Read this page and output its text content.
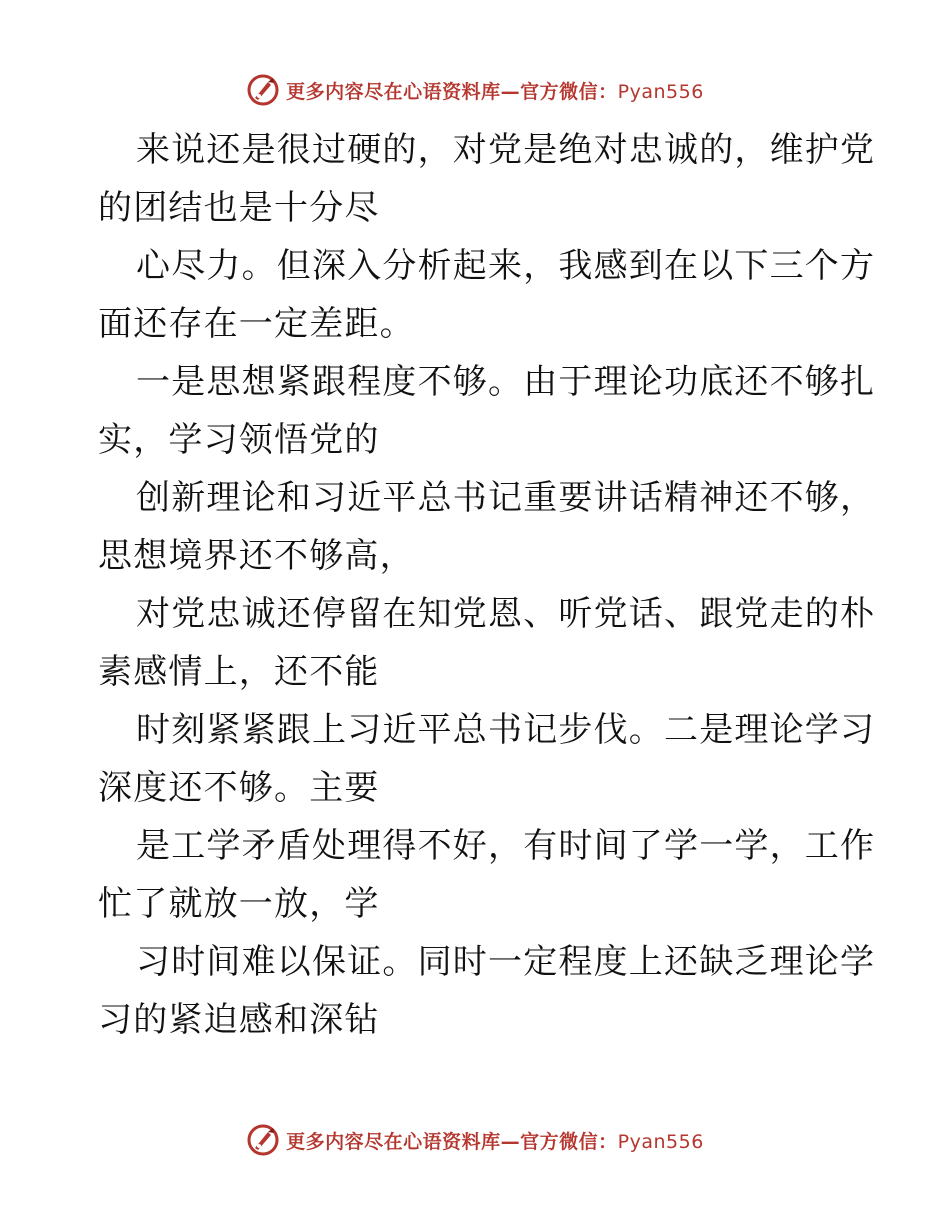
更多内容尽在心语资料库—官方微信：Pyan556
来说还是很过硬的，对党是绝对忠诚的，维护党
的团结也是十分尽
心尽力。但深入分析起来，我感到在以下三个方
面还存在一定差距。
一是思想紧跟程度不够。由于理论功底还不够扎
实，学习领悟党的
创新理论和习近平总书记重要讲话精神还不够，
思想境界还不够高，
对党忠诚还停留在知党恩、听党话、跟党走的朴
素感情上，还不能
时刻紧紧跟上习近平总书记步伐。二是理论学习
深度还不够。主要
是工学矛盾处理得不好，有时间了学一学，工作
忙了就放一放，学
习时间难以保证。同时一定程度上还缺乏理论学
习的紧迫感和深钻
更多内容尽在心语资料库—官方微信：Pyan556
